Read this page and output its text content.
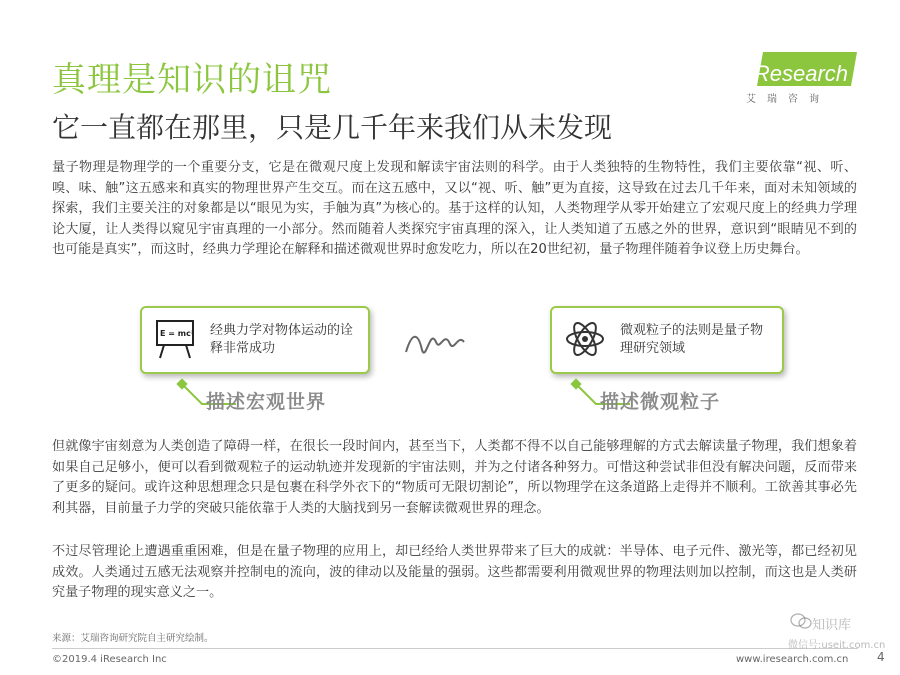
真理是知识的诅咒
它一直都在那里，只是几千年来我们从未发现
iResearch
艾瑞咨询

量子物理是物理学的一个重要分支，它是在微观尺度上发现和解读宇宙法则的科学。由于人类独特的生物特性，我们主要依靠“视、听、嗅、味、触”这五感来和真实的物理世界产生交互。而在这五感中，又以“视、听、触”更为直接，这导致在过去几千年来，面对未知领域的探索，我们主要关注的对象都是以“眼见为实，手触为真”为核心的。基于这样的认知，人类物理学从零开始建立了宏观尺度上的经典力学理论大厦，让人类得以窥见宇宙真理的一小部分。然而随着人类探究宇宙真理的深入，让人类知道了五感之外的世界，意识到“眼睛见不到的也可能是真实”，而这时，经典力学理论在解释和描述微观世界时愈发吃力，所以在20世纪初，量子物理伴随着争议登上历史舞台。

E = mc² 经典力学对物体运动的诠释非常成功
描述宏观世界
微观粒子的法则是量子物理研究领域
描述微观粒子

但就像宇宙刻意为人类创造了障碍一样，在很长一段时间内，甚至当下，人类都不得不以自己能够理解的方式去解读量子物理，我们想象着如果自己足够小，便可以看到微观粒子的运动轨迹并发现新的宇宙法则，并为之付诸各种努力。可惜这种尝试非但没有解决问题，反而带来了更多的疑问。或许这种思想理念只是包裹在科学外衣下的“物质可无限切割论”，所以物理学在这条道路上走得并不顺利。工欲善其事必先利其器，目前量子力学的突破只能依靠于人类的大脑找到另一套解读微观世界的理念。

不过尽管理论上遭遇重重困难，但是在量子物理的应用上，却已经给人类世界带来了巨大的成就：半导体、电子元件、激光等，都已经初见成效。人类通过五感无法观察并控制电的流向，波的律动以及能量的强弱。这些都需要利用微观世界的物理法则加以控制，而这也是人类研究量子物理的现实意义之一。

来源：艾瑞咨询研究院自主研究绘制。
©2019.4 iResearch Inc	www.iresearch.com.cn 4
知识库
微信号:useit.com.cn
